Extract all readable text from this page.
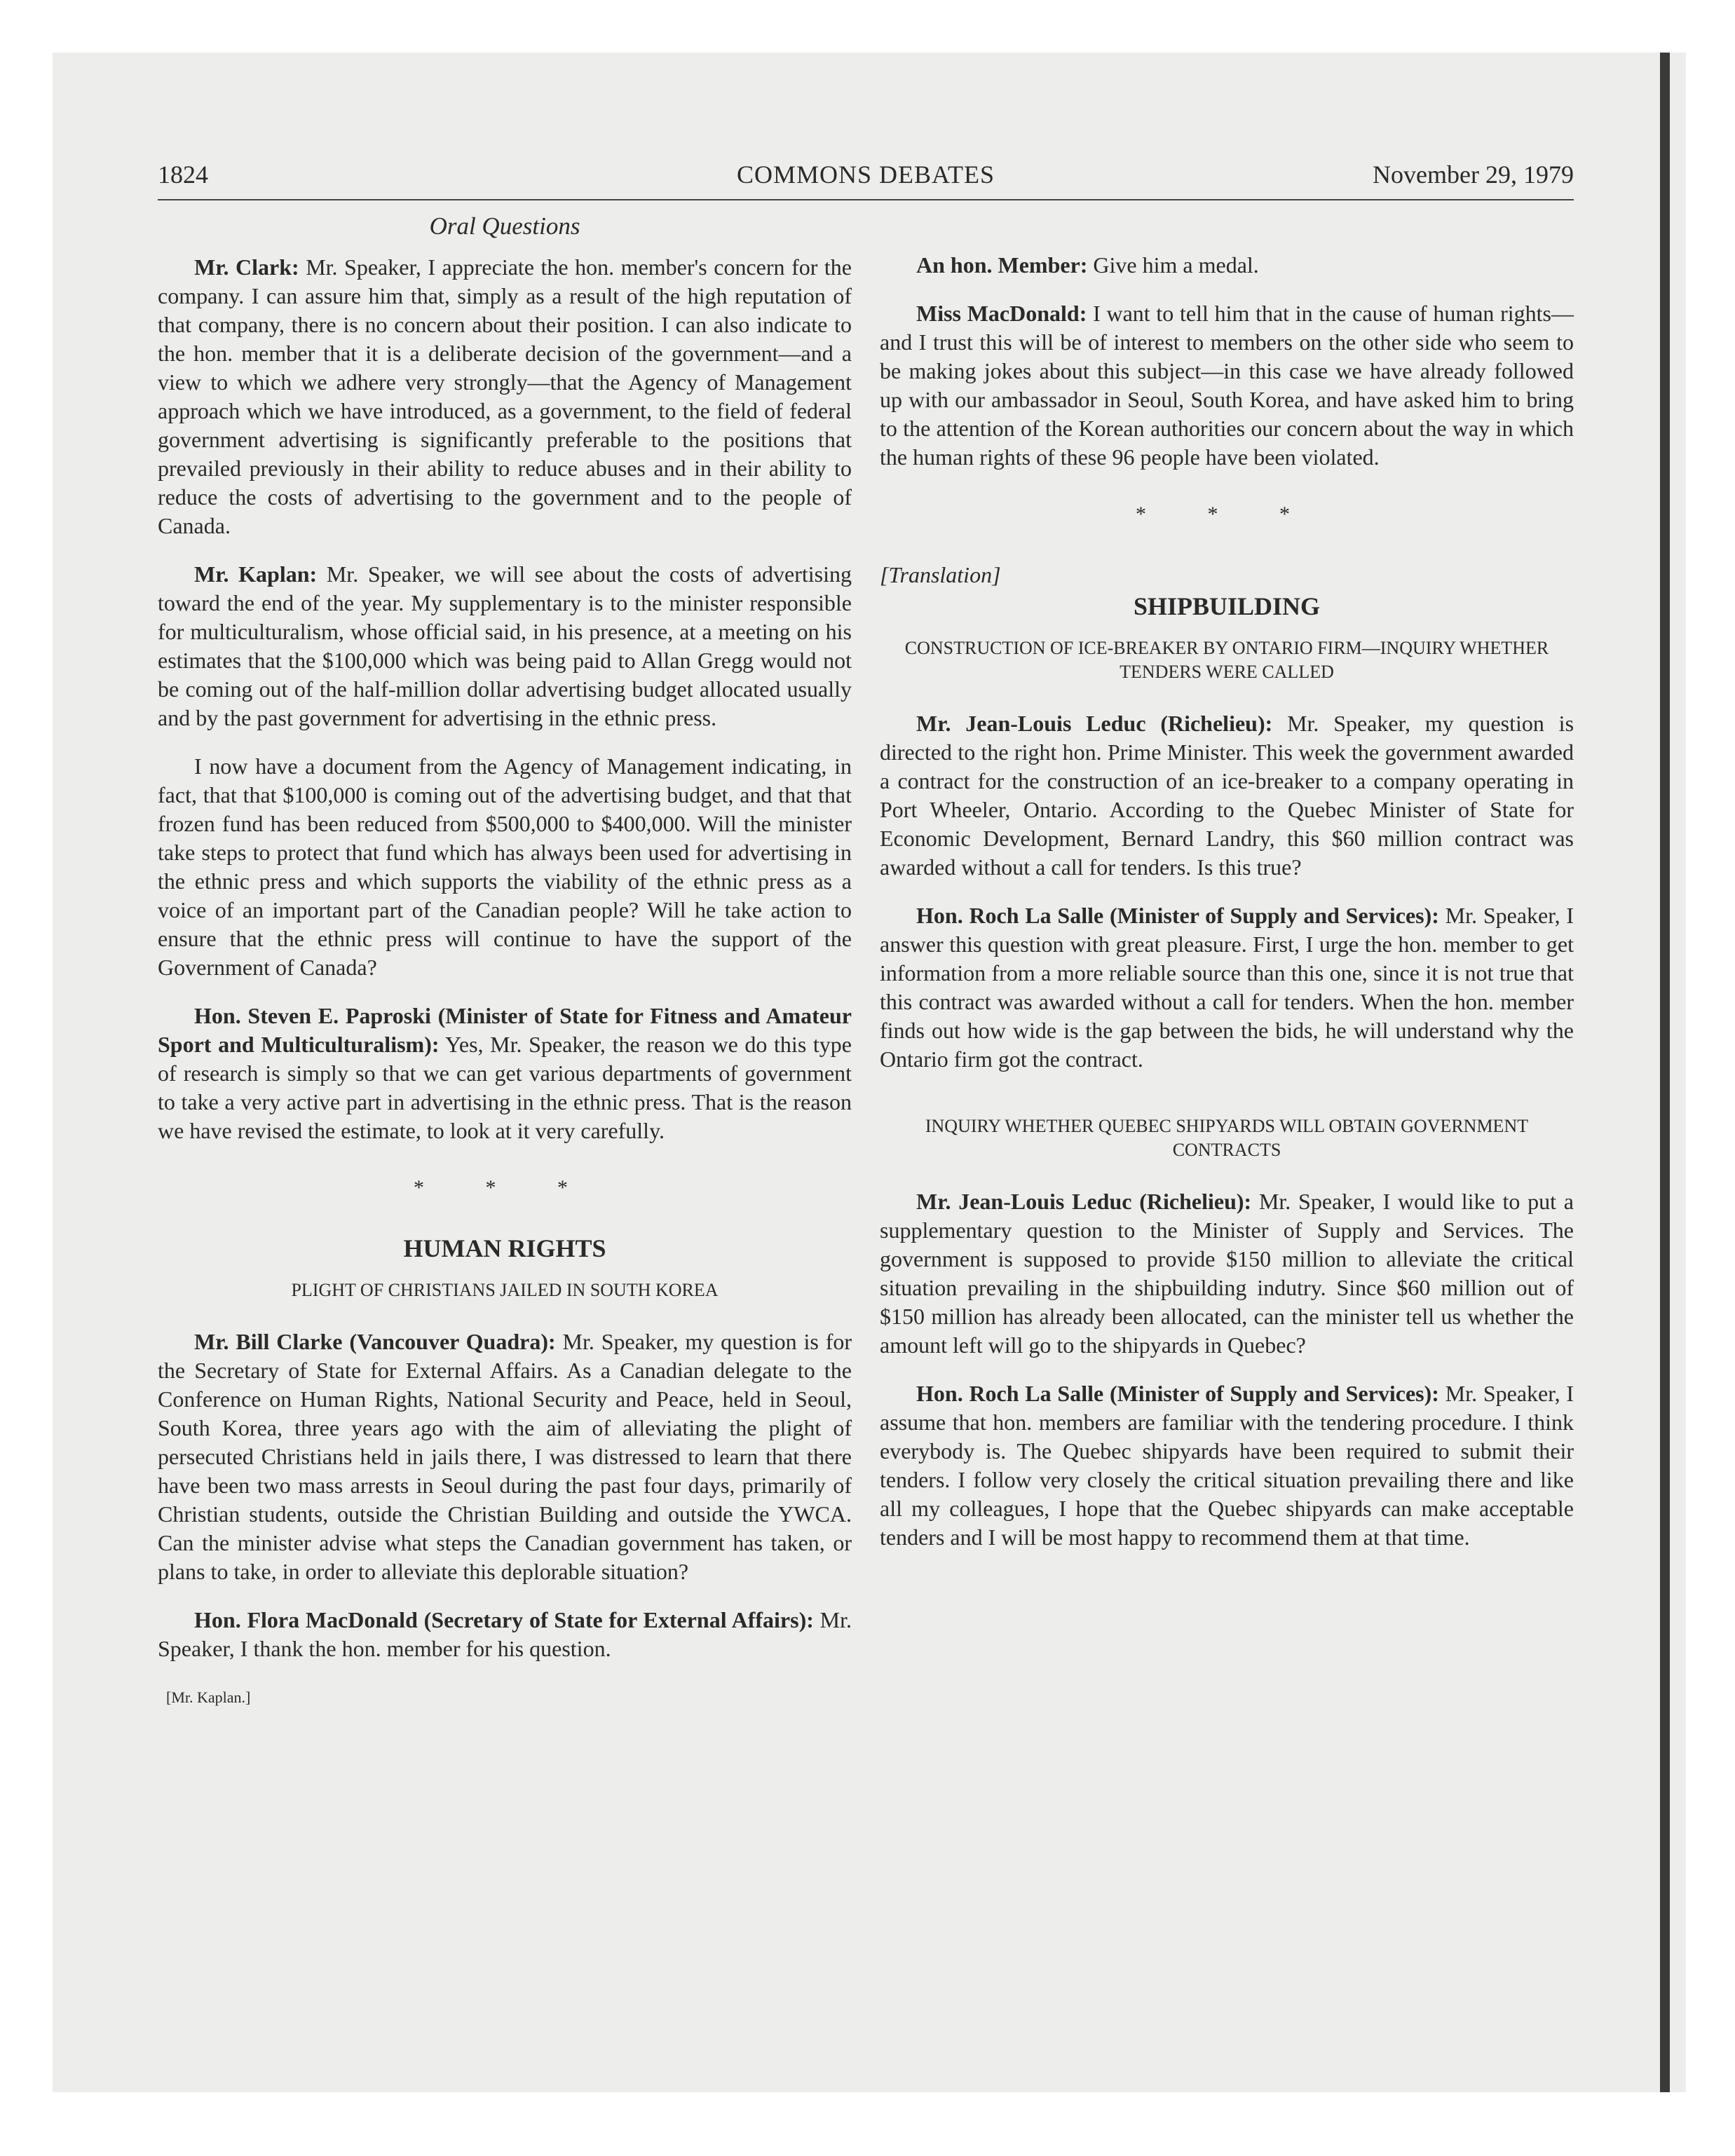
1824	COMMONS DEBATES	November 29, 1979
Oral Questions

Mr. Clark: Mr. Speaker, I appreciate the hon. member's concern for the company. I can assure him that, simply as a result of the high reputation of that company, there is no concern about their position. I can also indicate to the hon. member that it is a deliberate decision of the government—and a view to which we adhere very strongly—that the Agency of Management approach which we have introduced, as a government, to the field of federal government advertising is significantly preferable to the positions that prevailed previously in their ability to reduce abuses and in their ability to reduce the costs of advertising to the government and to the people of Canada.

Mr. Kaplan: Mr. Speaker, we will see about the costs of advertising toward the end of the year. My supplementary is to the minister responsible for multiculturalism, whose official said, in his presence, at a meeting on his estimates that the $100,000 which was being paid to Allan Gregg would not be coming out of the half-million dollar advertising budget allocated usually and by the past government for advertising in the ethnic press.

I now have a document from the Agency of Management indicating, in fact, that that $100,000 is coming out of the advertising budget, and that that frozen fund has been reduced from $500,000 to $400,000. Will the minister take steps to protect that fund which has always been used for advertising in the ethnic press and which supports the viability of the ethnic press as a voice of an important part of the Canadian people? Will he take action to ensure that the ethnic press will continue to have the support of the Government of Canada?

Hon. Steven E. Paproski (Minister of State for Fitness and Amateur Sport and Multiculturalism): Yes, Mr. Speaker, the reason we do this type of research is simply so that we can get various departments of government to take a very active part in advertising in the ethnic press. That is the reason we have revised the estimate, to look at it very carefully.

* * *
HUMAN RIGHTS
PLIGHT OF CHRISTIANS JAILED IN SOUTH KOREA

Mr. Bill Clarke (Vancouver Quadra): Mr. Speaker, my question is for the Secretary of State for External Affairs. As a Canadian delegate to the Conference on Human Rights, National Security and Peace, held in Seoul, South Korea, three years ago with the aim of alleviating the plight of persecuted Christians held in jails there, I was distressed to learn that there have been two mass arrests in Seoul during the past four days, primarily of Christian students, outside the Christian Building and outside the YWCA. Can the minister advise what steps the Canadian government has taken, or plans to take, in order to alleviate this deplorable situation?

Hon. Flora MacDonald (Secretary of State for External Affairs): Mr. Speaker, I thank the hon. member for his question.

[Mr. Kaplan.]

An hon. Member: Give him a medal.

Miss MacDonald: I want to tell him that in the cause of human rights—and I trust this will be of interest to members on the other side who seem to be making jokes about this subject—in this case we have already followed up with our ambassador in Seoul, South Korea, and have asked him to bring to the attention of the Korean authorities our concern about the way in which the human rights of these 96 people have been violated.

* * *
[Translation]
SHIPBUILDING
CONSTRUCTION OF ICE-BREAKER BY ONTARIO FIRM—INQUIRY WHETHER TENDERS WERE CALLED

Mr. Jean-Louis Leduc (Richelieu): Mr. Speaker, my question is directed to the right hon. Prime Minister. This week the government awarded a contract for the construction of an ice-breaker to a company operating in Port Wheeler, Ontario. According to the Quebec Minister of State for Economic Development, Bernard Landry, this $60 million contract was awarded without a call for tenders. Is this true?

Hon. Roch La Salle (Minister of Supply and Services): Mr. Speaker, I answer this question with great pleasure. First, I urge the hon. member to get information from a more reliable source than this one, since it is not true that this contract was awarded without a call for tenders. When the hon. member finds out how wide is the gap between the bids, he will understand why the Ontario firm got the contract.

INQUIRY WHETHER QUEBEC SHIPYARDS WILL OBTAIN GOVERNMENT CONTRACTS

Mr. Jean-Louis Leduc (Richelieu): Mr. Speaker, I would like to put a supplementary question to the Minister of Supply and Services. The government is supposed to provide $150 million to alleviate the critical situation prevailing in the shipbuilding indutry. Since $60 million out of $150 million has already been allocated, can the minister tell us whether the amount left will go to the shipyards in Quebec?

Hon. Roch La Salle (Minister of Supply and Services): Mr. Speaker, I assume that hon. members are familiar with the tendering procedure. I think everybody is. The Quebec shipyards have been required to submit their tenders. I follow very closely the critical situation prevailing there and like all my colleagues, I hope that the Quebec shipyards can make acceptable tenders and I will be most happy to recommend them at that time.
